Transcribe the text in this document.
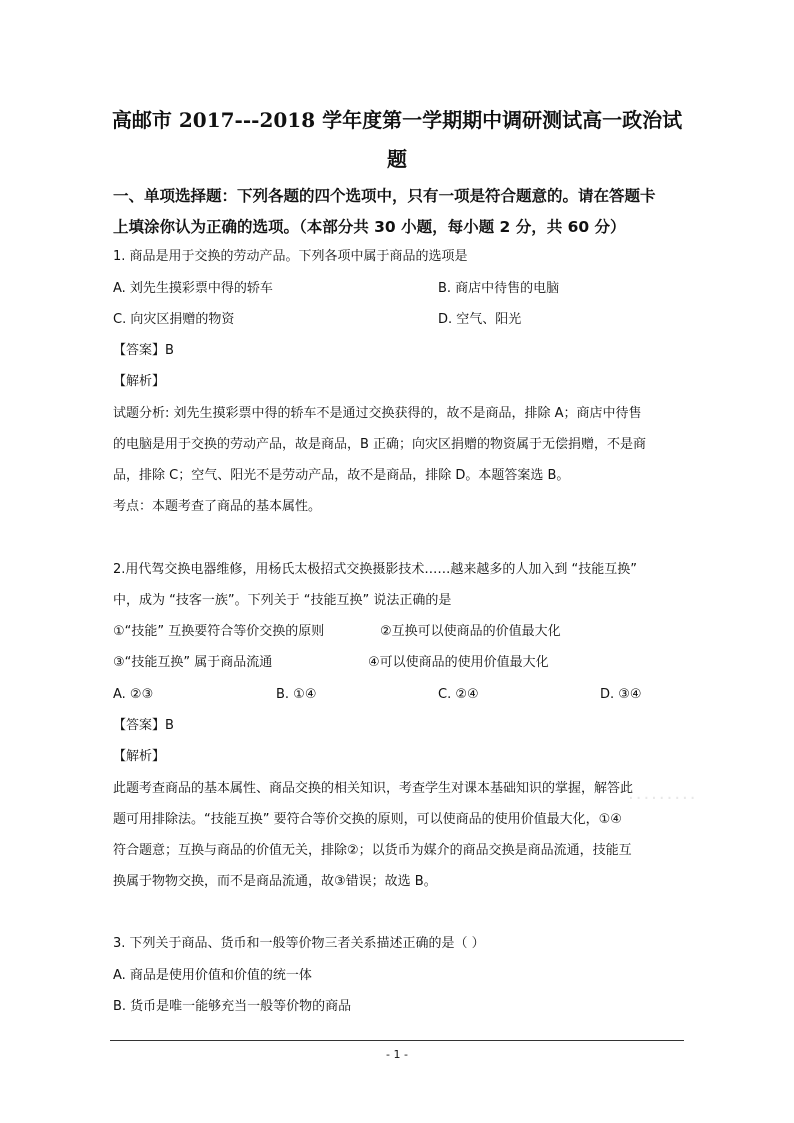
高邮市 2017---2018 学年度第一学期期中调研测试高一政治试
题
一、单项选择题：下列各题的四个选项中，只有一项是符合题意的。请在答题卡
上填涂你认为正确的选项。（本部分共 30 小题，每小题 2 分，共 60 分）
1. 商品是用于交换的劳动产品。下列各项中属于商品的选项是
A. 刘先生摸彩票中得的轿车	B. 商店中待售的电脑
C. 向灾区捐赠的物资	D. 空气、阳光
【答案】B
【解析】
试题分析: 刘先生摸彩票中得的轿车不是通过交换获得的，故不是商品，排除 A；商店中待售
的电脑是用于交换的劳动产品，故是商品，B 正确；向灾区捐赠的物资属于无偿捐赠，不是商
品，排除 C；空气、阳光不是劳动产品，故不是商品，排除 D。本题答案选 B。
考点：本题考查了商品的基本属性。
2.用代驾交换电器维修，用杨氏太极招式交换摄影技术……越来越多的人加入到 “技能互换”
中，成为 “技客一族”。下列关于 “技能互换” 说法正确的是
①“技能” 互换要符合等价交换的原则	②互换可以使商品的价值最大化
③“技能互换” 属于商品流通	④可以使商品的使用价值最大化
A. ②③	B. ①④	C. ②④	D. ③④
【答案】B
【解析】
此题考查商品的基本属性、商品交换的相关知识，考查学生对课本基础知识的掌握，解答此
题可用排除法。“技能互换” 要符合等价交换的原则，可以使商品的使用价值最大化，①④
符合题意；互换与商品的价值无关，排除②；以货币为媒介的商品交换是商品流通，技能互
换属于物物交换，而不是商品流通，故③错误；故选 B。
3. 下列关于商品、货币和一般等价物三者关系描述正确的是（ ）
A. 商品是使用价值和价值的统一体
B. 货币是唯一能够充当一般等价物的商品
·········
- 1 -
